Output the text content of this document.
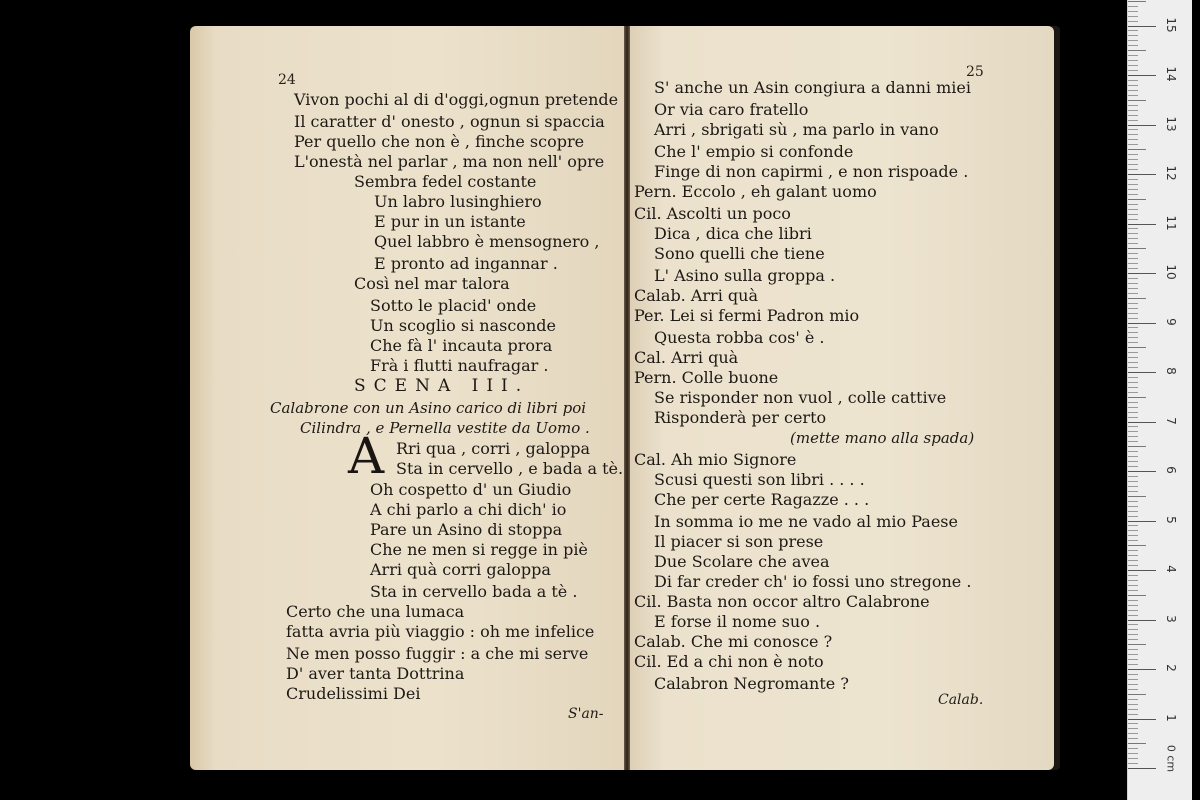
24
Vivon pochi al di d'oggi,ognun pretende
Il caratter d' onesto , ognun si spaccia
Per quello che non è , finche scopre
L'onestà nel parlar , ma non nell' opre
Sembra fedel costante
Un labro lusinghiero
E pur in un istante
Quel labbro è mensognero ,
E pronto ad ingannar .
Così nel mar talora
Sotto le placid' onde
Un scoglio si nasconde
Che fà l' incauta prora
Frà i flutti naufragar .
SCENA III.
Calabrone con un Asino carico di libri poi
Cilindra , e Pernella vestite da Uomo .
A Rri qua , corri , galoppa
Sta in cervello , e bada a tè.
Oh cospetto d' un Giudio
A chi parlo a chi dich' io
Pare un Asino di stoppa
Che ne men si regge in piè
Arri quà corri galoppa
Sta in cervello bada a tè .
Certo che una lumaca
fatta avria più viaggio : oh me infelice
Ne men posso fuggir : a che mi serve
D' aver tanta Dottrina
Crudelissimi Dei
S'an-
25
S' anche un Asin congiura a danni miei
Or via caro fratello
Arri , sbrigati sù , ma parlo in vano
Che l' empio si confonde
Finge di non capirmi , e non rispoade .
Pern. Eccolo , eh galant uomo
Cil. Ascolti un poco
Dica , dica che libri
Sono quelli che tiene
L' Asino sulla groppa .
Calab. Arri quà
Per. Lei si fermi Padron mio
Questa robba cos' è .
Cal. Arri quà
Pern. Colle buone
Se risponder non vuol , colle cattive
Risponderà per certo
(mette mano alla spada)
Cal. Ah mio Signore
Scusi questi son libri . . . .
Che per certe Ragazze . . .
In somma io me ne vado al mio Paese
Il piacer si son prese
Due Scolare che avea
Di far creder ch' io fossi uno stregone .
Cil. Basta non occor altro Calabrone
E forse il nome suo .
Calab. Che mi conosce ?
Cil. Ed a chi non è noto
Calabron Negromante ?
Calab.
0 cm
15
14
13
12
11
10
9
8
7
6
5
4
3
2
1
